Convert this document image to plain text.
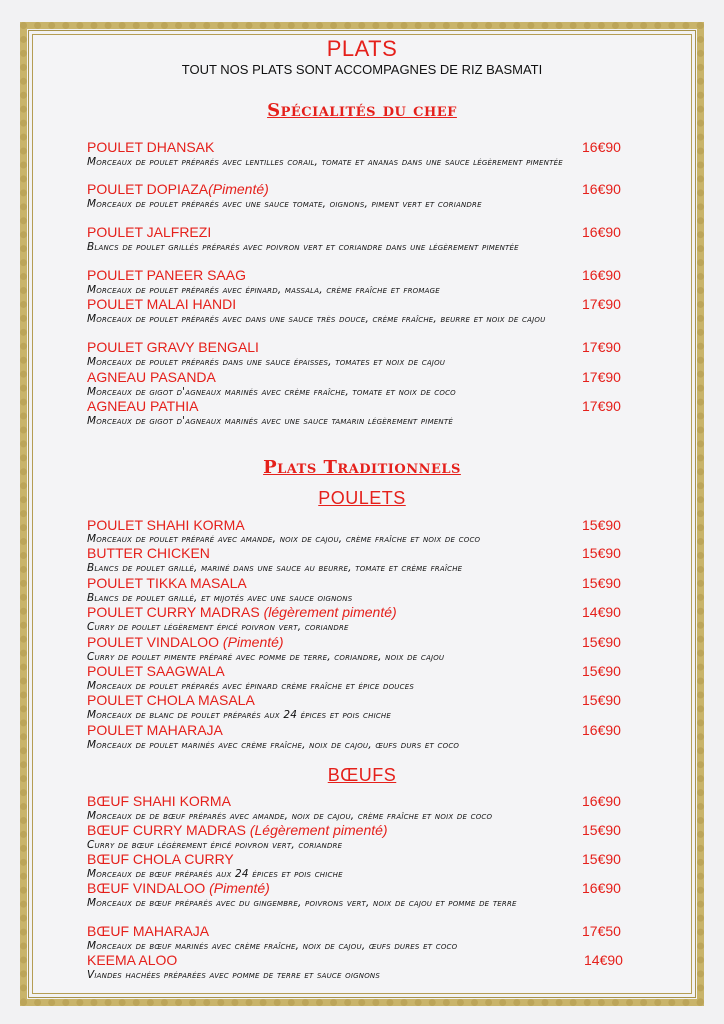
PLATS
TOUT NOS PLATS SONT ACCOMPAGNES DE RIZ BASMATI
Spécialités du chef
POULET DHANSAK	16€90
Morceaux de poulet préparés avec lentilles corail, tomate et ananas dans une sauce légèrement pimentée
POULET DOPIAZA(Pimenté)	16€90
Morceaux de poulet préparés avec une sauce tomate, oignons, piment vert et coriandre
POULET JALFREZI	16€90
Blancs de poulet grillés préparés avec poivron vert et coriandre dans une légèrement pimentée
POULET PANEER SAAG	16€90
Morceaux de poulet préparés avec épinard, massala, crème fraîche et fromage
POULET MALAI HANDI	17€90
Morceaux de poulet préparés avec dans une sauce très douce, crème fraîche, beurre et noix de cajou
POULET GRAVY BENGALI	17€90
Morceaux de poulet préparés dans une sauce épaisses, tomates et noix de cajou
AGNEAU PASANDA	17€90
Morceaux de gigot d'agneaux marinés avec crème fraîche, tomate et noix de coco
AGNEAU PATHIA	17€90
Morceaux de gigot d'agneaux marinés avec une sauce tamarin légèrement pimenté
Plats Traditionnels
POULETS
POULET SHAHI KORMA	15€90
Morceaux de poulet préparé avec amande, noix de cajou, crème fraîche et noix de coco
BUTTER CHICKEN	15€90
Blancs de poulet grillé, mariné dans une sauce au beurre, tomate et crème fraîche
POULET TIKKA MASALA	15€90
Blancs de poulet grillé, et mijotés avec une sauce oignons
POULET CURRY MADRAS (légèrement pimenté)	14€90
Curry de poulet légèrement épicé poivron vert, coriandre
POULET VINDALOO (Pimenté)	15€90
Curry de poulet pimente préparé avec pomme de terre, coriandre, noix de cajou
POULET SAAGWALA	15€90
Morceaux de poulet préparés avec épinard crème fraîche et épice douces
POULET CHOLA MASALA	15€90
Morceaux de blanc de poulet préparés aux 24 épices et pois chiche
POULET MAHARAJA	16€90
Morceaux de poulet marinés avec crème fraîche, noix de cajou, œufs durs et coco
BŒUFS
BŒUF SHAHI KORMA	16€90
Morceaux de de bœuf préparés avec amande, noix de cajou, crème fraîche et noix de coco
BŒUF CURRY MADRAS (Légèrement pimenté)	15€90
Curry de bœuf légèrement épicé poivron vert, coriandre
BŒUF CHOLA CURRY	15€90
Morceaux de bœuf préparés aux 24 épices et pois chiche
BŒUF VINDALOO (Pimenté)	16€90
Morceaux de bœuf préparés avec du gingembre, poivrons vert, noix de cajou et pomme de terre
BŒUF MAHARAJA	17€50
Morceaux de bœuf marinés avec crème fraîche, noix de cajou, œufs dures et coco
KEEMA ALOO	14€90
Viandes hachées préparées avec pomme de terre et sauce oignons
